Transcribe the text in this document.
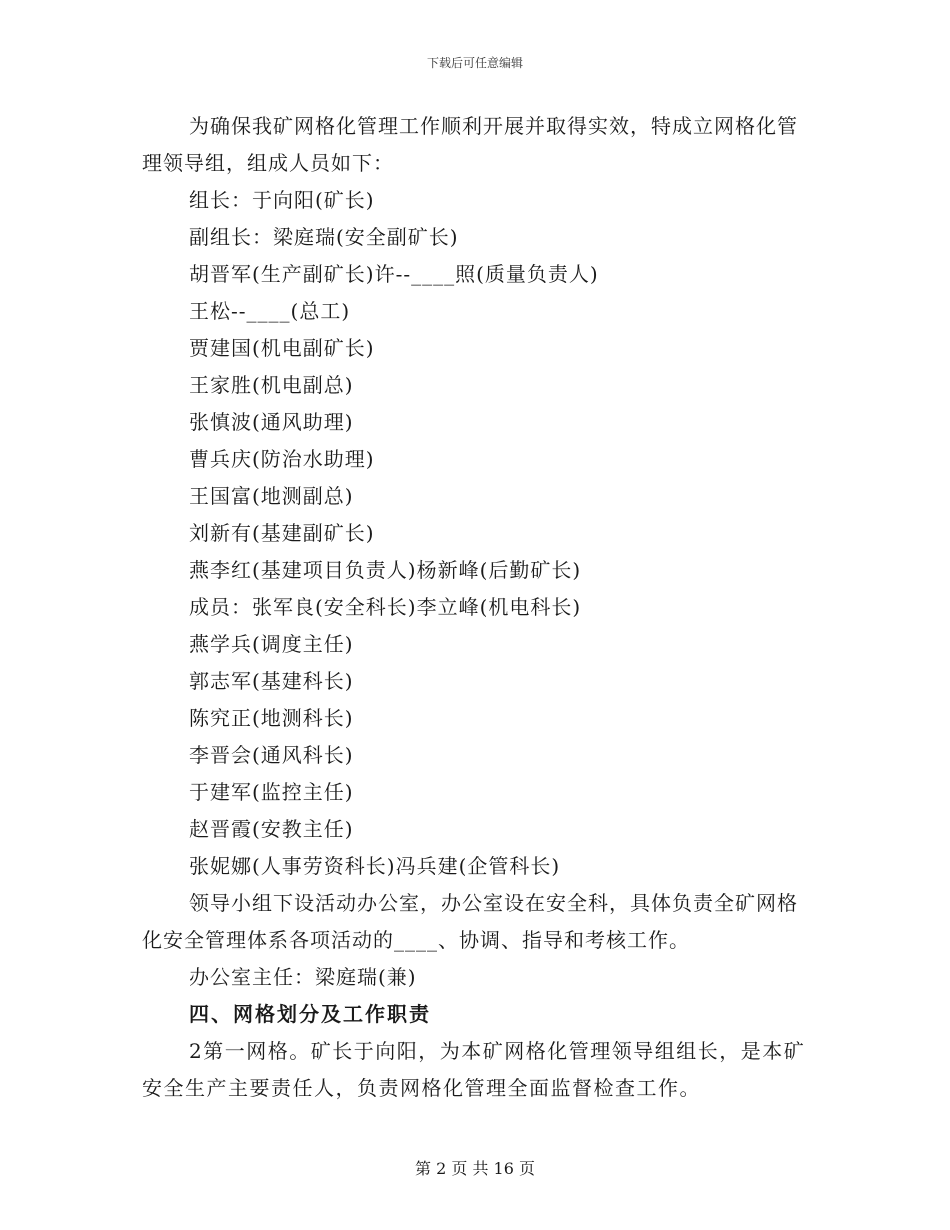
下载后可任意编辑

为确保我矿网格化管理工作顺利开展并取得实效，特成立网格化管理领导组，组成人员如下：

组长：于向阳(矿长)

副组长：梁庭瑞(安全副矿长)

胡晋军(生产副矿长)许--____照(质量负责人)

王松--____(总工)

贾建国(机电副矿长)

王家胜(机电副总)

张慎波(通风助理)

曹兵庆(防治水助理)

王国富(地测副总)

刘新有(基建副矿长)

燕李红(基建项目负责人)杨新峰(后勤矿长)

成员：张军良(安全科长)李立峰(机电科长)

燕学兵(调度主任)

郭志军(基建科长)

陈究正(地测科长)

李晋会(通风科长)

于建军(监控主任)

赵晋霞(安教主任)

张妮娜(人事劳资科长)冯兵建(企管科长)

领导小组下设活动办公室，办公室设在安全科，具体负责全矿网格化安全管理体系各项活动的____、协调、指导和考核工作。

办公室主任：梁庭瑞(兼)

四、网格划分及工作职责

2第一网格。矿长于向阳，为本矿网格化管理领导组组长，是本矿安全生产主要责任人，负责网格化管理全面监督检查工作。

第 2 页 共 16 页
